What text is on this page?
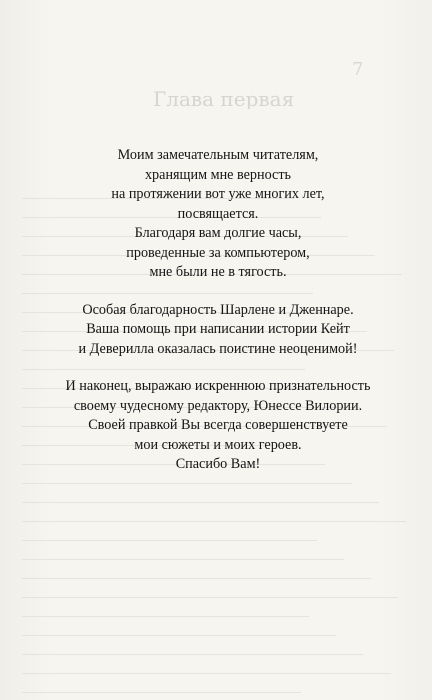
7
Глава первая
Моим замечательным читателям,
хранящим мне верность
на протяжении вот уже многих лет,
посвящается.
Благодаря вам долгие часы,
проведенные за компьютером,
мне были не в тягость.
Особая благодарность Шарлене и Дженнаре.
Ваша помощь при написании истории Кейт
и Деверилла оказалась поистине неоценимой!
И наконец, выражаю искреннюю признательность
своему чудесному редактору, Юнессе Вилории.
Своей правкой Вы всегда совершенствуете
мои сюжеты и моих героев.
Спасибо Вам!
